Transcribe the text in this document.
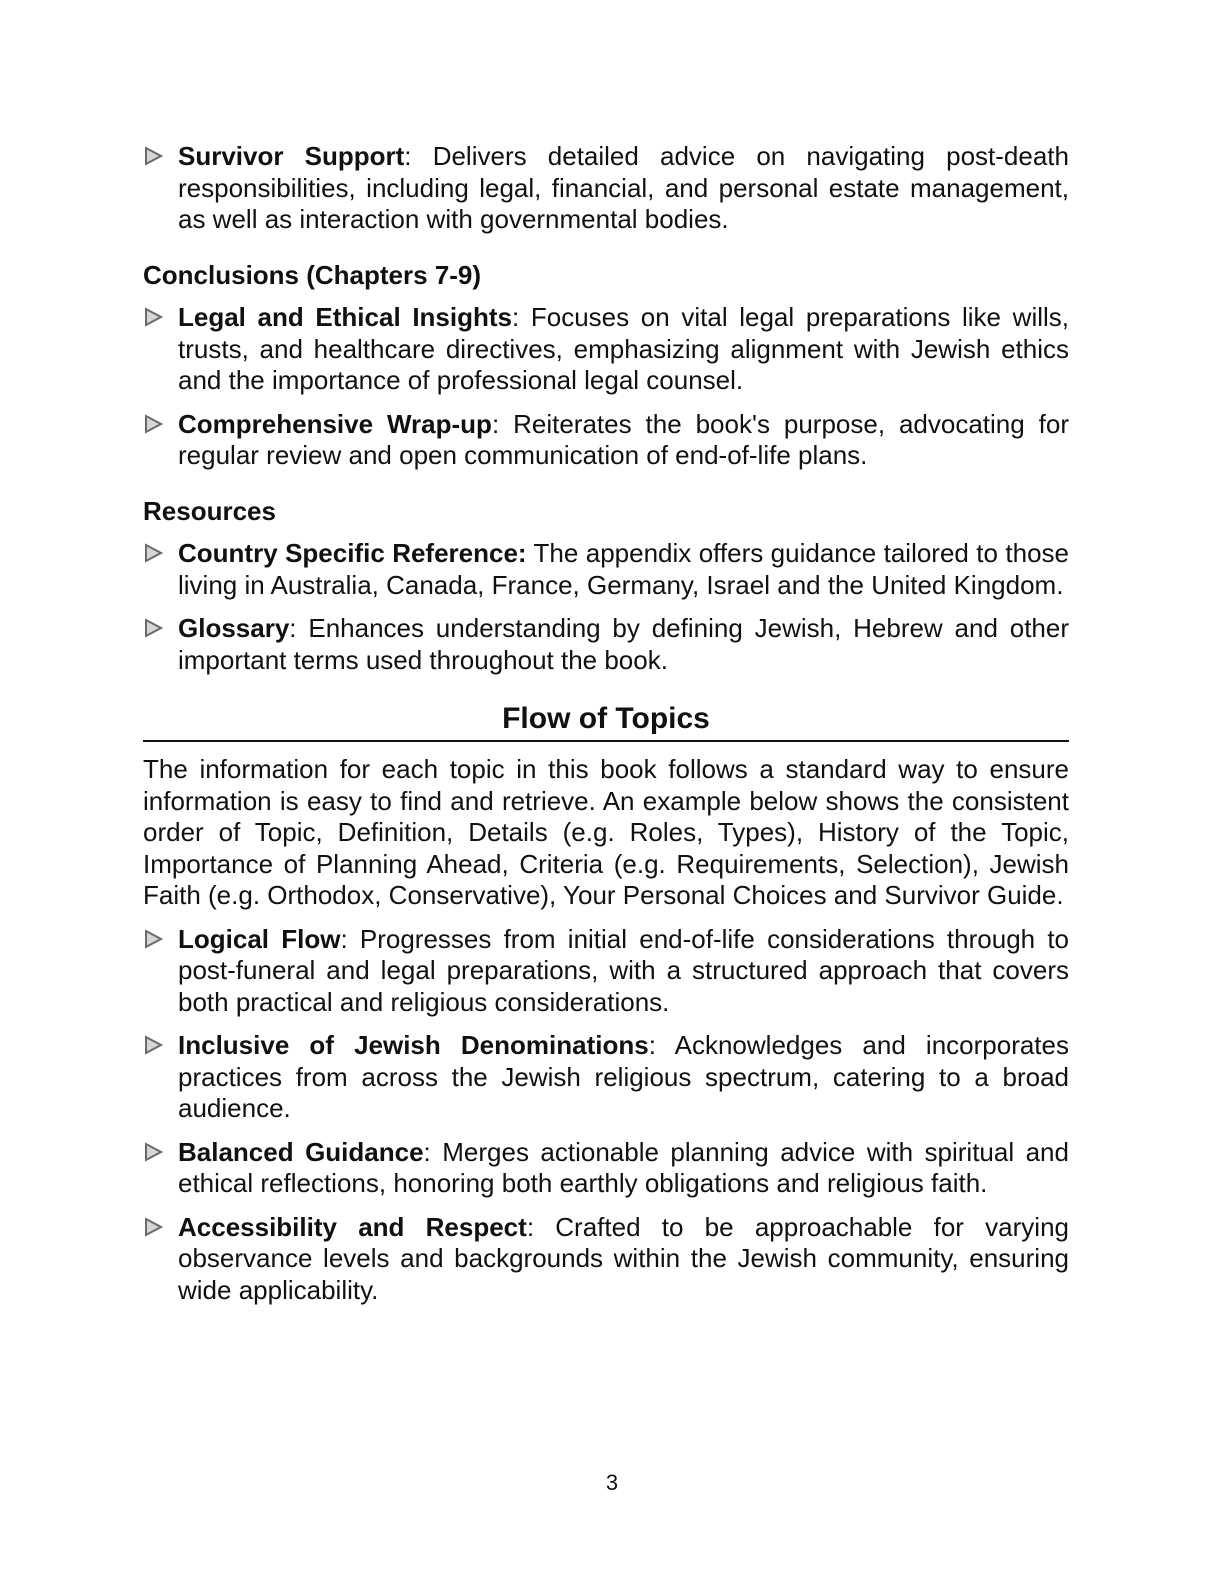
Survivor Support: Delivers detailed advice on navigating post-death responsibilities, including legal, financial, and personal estate management, as well as interaction with governmental bodies.
Conclusions (Chapters 7-9)
Legal and Ethical Insights: Focuses on vital legal preparations like wills, trusts, and healthcare directives, emphasizing alignment with Jewish ethics and the importance of professional legal counsel.
Comprehensive Wrap-up: Reiterates the book's purpose, advocating for regular review and open communication of end-of-life plans.
Resources
Country Specific Reference: The appendix offers guidance tailored to those living in Australia, Canada, France, Germany, Israel and the United Kingdom.
Glossary: Enhances understanding by defining Jewish, Hebrew and other important terms used throughout the book.
Flow of Topics
The information for each topic in this book follows a standard way to ensure information is easy to find and retrieve. An example below shows the consistent order of Topic, Definition, Details (e.g. Roles, Types), History of the Topic, Importance of Planning Ahead, Criteria (e.g. Requirements, Selection), Jewish Faith (e.g. Orthodox, Conservative), Your Personal Choices and Survivor Guide.
Logical Flow: Progresses from initial end-of-life considerations through to post-funeral and legal preparations, with a structured approach that covers both practical and religious considerations.
Inclusive of Jewish Denominations: Acknowledges and incorporates practices from across the Jewish religious spectrum, catering to a broad audience.
Balanced Guidance: Merges actionable planning advice with spiritual and ethical reflections, honoring both earthly obligations and religious faith.
Accessibility and Respect: Crafted to be approachable for varying observance levels and backgrounds within the Jewish community, ensuring wide applicability.
3
